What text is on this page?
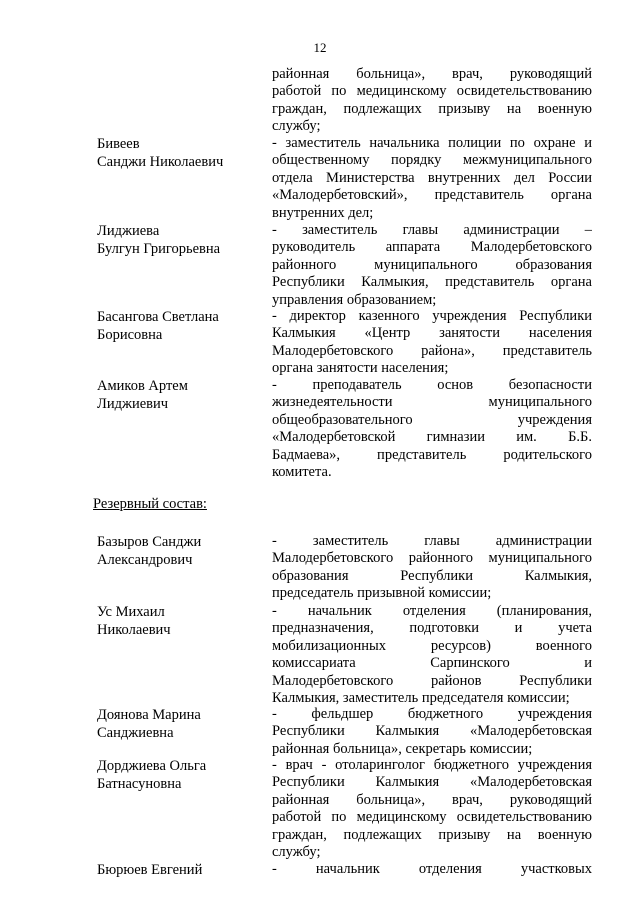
12
районная больница», врач, руководящий
работой по медицинскому освидетельствованию
граждан, подлежащих призыву на военную
службу;
Бивеев
Санджи Николаевич
- заместитель начальника полиции по охране и
общественному порядку межмуниципального
отдела Министерства внутренних дел России
«Малодербетовский», представитель органа
внутренних дел;
Лиджиева
Булгун Григорьевна
- заместитель главы администрации –
руководитель аппарата Малодербетовского
районного муниципального образования
Республики Калмыкия, представитель органа
управления образованием;
Басангова Светлана
Борисовна
- директор казенного учреждения Республики
Калмыкия «Центр занятости населения
Малодербетовского района», представитель
органа занятости населения;
Амиков Артем
Лиджиевич
- преподаватель основ безопасности
жизнедеятельности муниципального
общеобразовательного учреждения
«Малодербетовской гимназии им. Б.Б.
Бадмаева», представитель родительского
комитета.
Резервный состав:
Базыров Санджи
Александрович
- заместитель главы администрации
Малодербетовского районного муниципального
образования Республики Калмыкия,
председатель призывной комиссии;
Ус Михаил
Николаевич
- начальник отделения (планирования,
предназначения, подготовки и учета
мобилизационных ресурсов) военного
комиссариата Сарпинского и
Малодербетовского районов Республики
Калмыкия, заместитель председателя комиссии;
Доянова Марина
Санджиевна
- фельдшер бюджетного учреждения
Республики Калмыкия «Малодербетовская
районная больница», секретарь комиссии;
Дорджиева Ольга
Батнасуновна
- врач - отоларинголог бюджетного учреждения
Республики Калмыкия «Малодербетовская
районная больница», врач, руководящий
работой по медицинскому освидетельствованию
граждан, подлежащих призыву на военную
службу;
Бюрюев Евгений	- начальник отделения участковых
